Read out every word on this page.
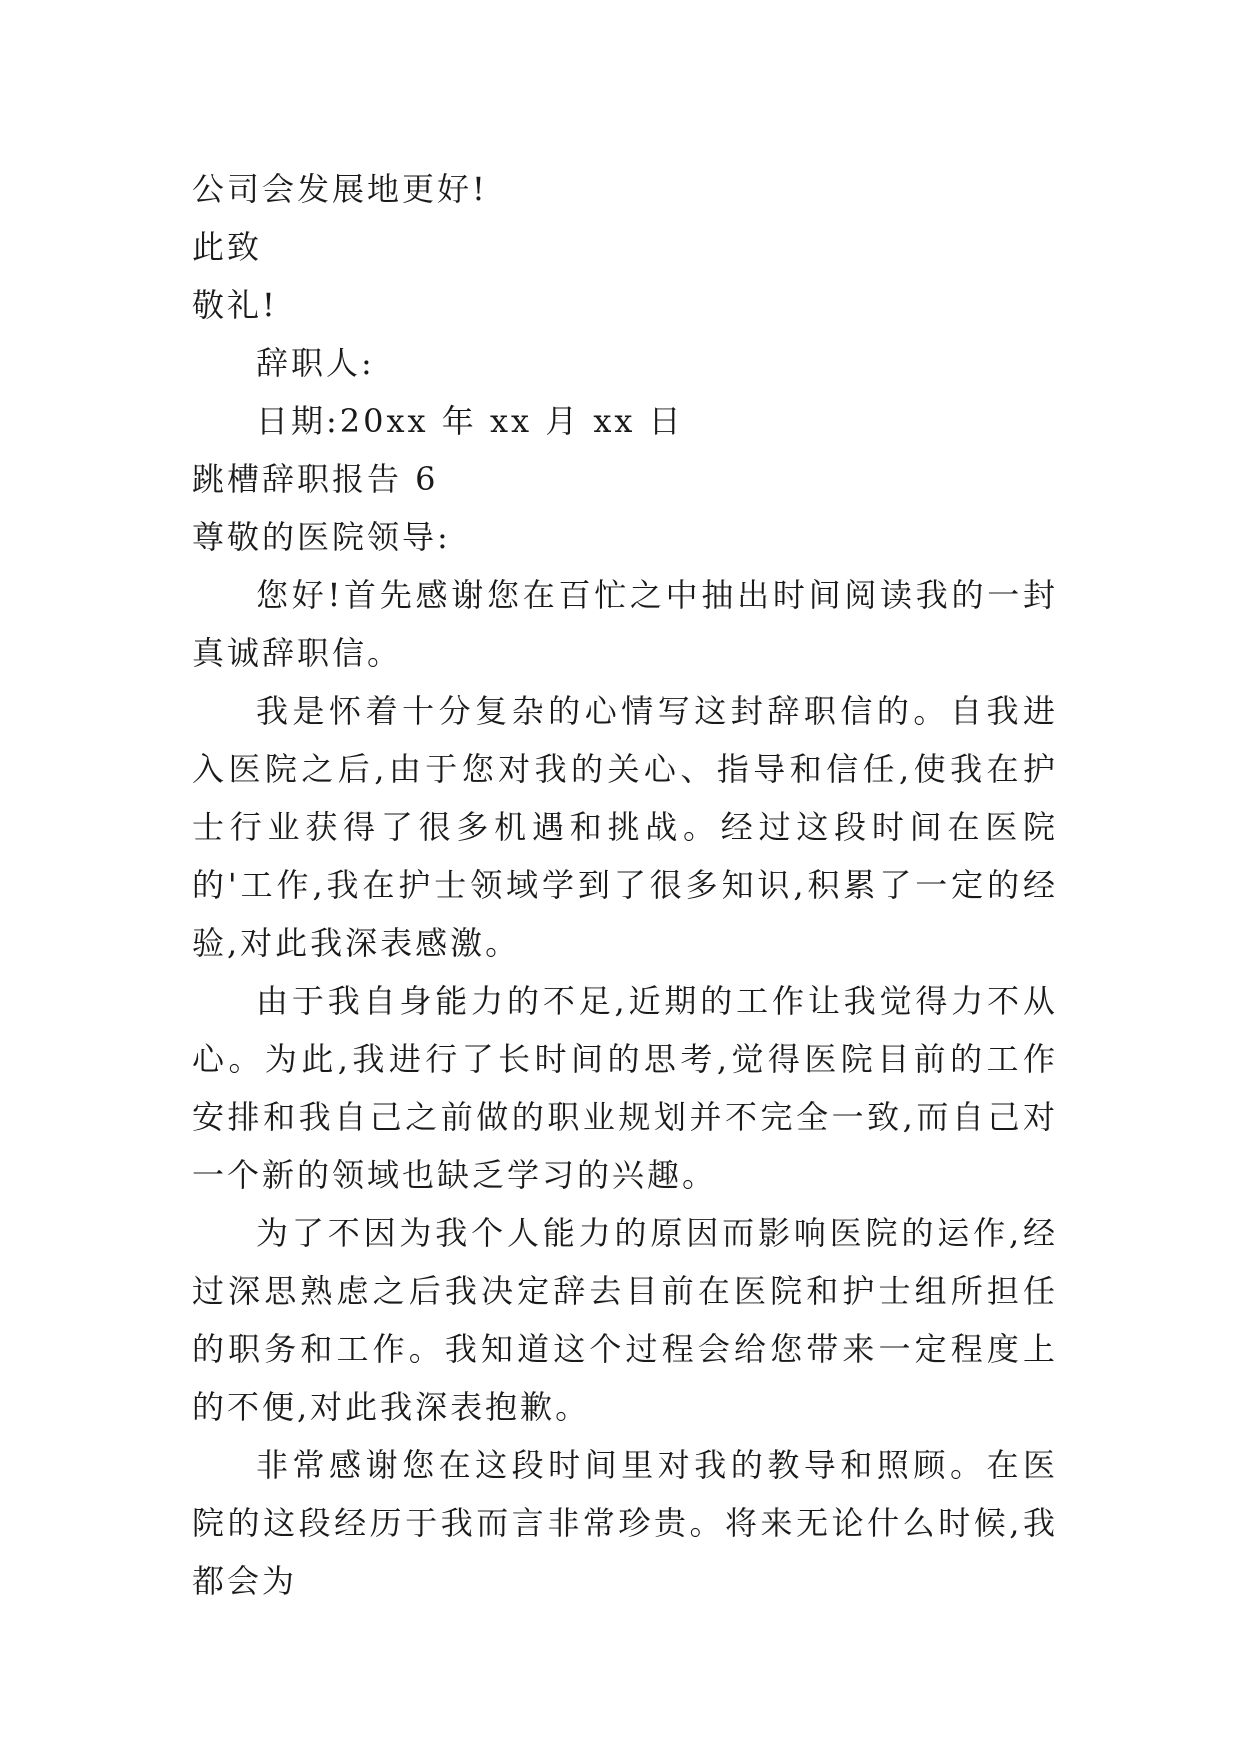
公司会发展地更好!

此致

敬礼!

辞职人:

日期:20xx 年 xx 月 xx 日

跳槽辞职报告 6

尊敬的医院领导:

您好!首先感谢您在百忙之中抽出时间阅读我的一封真诚辞职信。

我是怀着十分复杂的心情写这封辞职信的。自我进入医院之后,由于您对我的关心、指导和信任,使我在护士行业获得了很多机遇和挑战。经过这段时间在医院的'工作,我在护士领域学到了很多知识,积累了一定的经验,对此我深表感激。

由于我自身能力的不足,近期的工作让我觉得力不从心。为此,我进行了长时间的思考,觉得医院目前的工作安排和我自己之前做的职业规划并不完全一致,而自己对一个新的领域也缺乏学习的兴趣。

为了不因为我个人能力的原因而影响医院的运作,经过深思熟虑之后我决定辞去目前在医院和护士组所担任的职务和工作。我知道这个过程会给您带来一定程度上的不便,对此我深表抱歉。

非常感谢您在这段时间里对我的教导和照顾。在医院的这段经历于我而言非常珍贵。将来无论什么时候,我都会为
